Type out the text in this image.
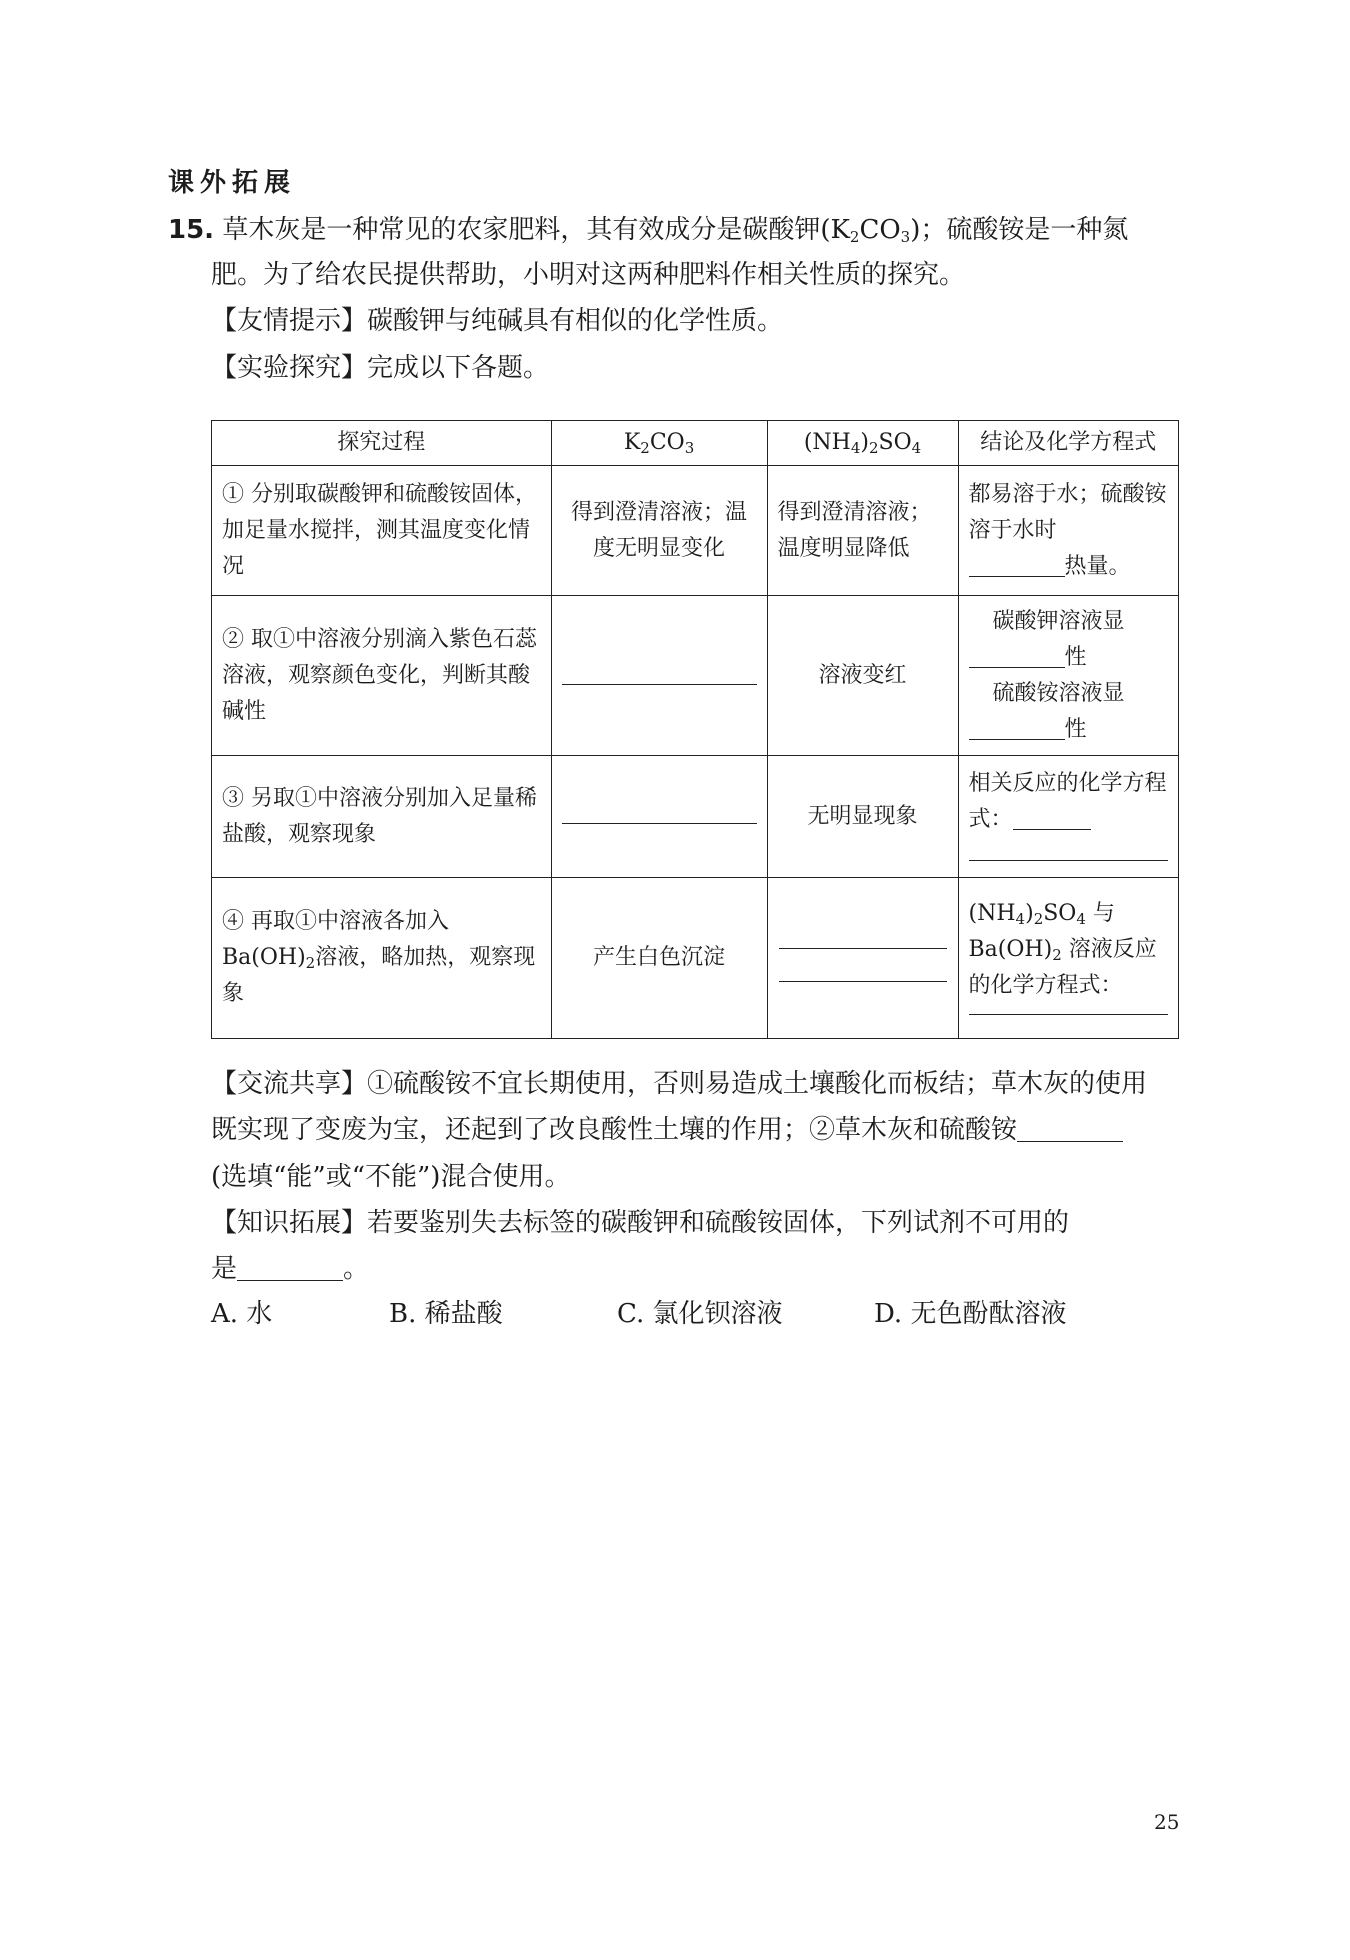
课外拓展
15. 草木灰是一种常见的农家肥料，其有效成分是碳酸钾$(K_2CO_3)$；硫酸铵是一种氮
肥。为了给农民提供帮助，小明对这两种肥料作相关性质的探究。
【友情提示】碳酸钾与纯碱具有相似的化学性质。
【实验探究】完成以下各题。
探究过程	$K_2CO_3$	$(NH_4)_2SO_4$	结论及化学方程式
① 分别取碳酸钾和硫酸铵固体，加足量水搅拌，测其温度变化情况	得到澄清溶液；温度无明显变化	得到澄清溶液；温度明显降低	都易溶于水；硫酸铵溶于水时
热量。
② 取①中溶液分别滴入紫色石蕊溶液，观察颜色变化，判断其酸碱性		溶液变红	碳酸钾溶液显
性
硫酸铵溶液显
性

③ 另取①中溶液分别加入足量稀盐酸，观察现象		无明显现象	相关反应的化学方程式：

④ 再取①中溶液各加入$Ba(OH)_2$溶液，略加热，观察现象	产生白色沉淀		$(NH_4)_2SO_4$ 与$Ba(OH)_2$ 溶液反应的化学方程式：
【交流共享】①硫酸铵不宜长期使用，否则易造成土壤酸化而板结；草木灰的使用
既实现了变废为宝，还起到了改良酸性土壤的作用；②草木灰和硫酸铵
(选填“能”或“不能”)混合使用。
【知识拓展】若要鉴别失去标签的碳酸钾和硫酸铵固体，下列试剂不可用的
是	。
A. 水	B. 稀盐酸	C. 氯化钡溶液	D. 无色酚酞溶液
25
